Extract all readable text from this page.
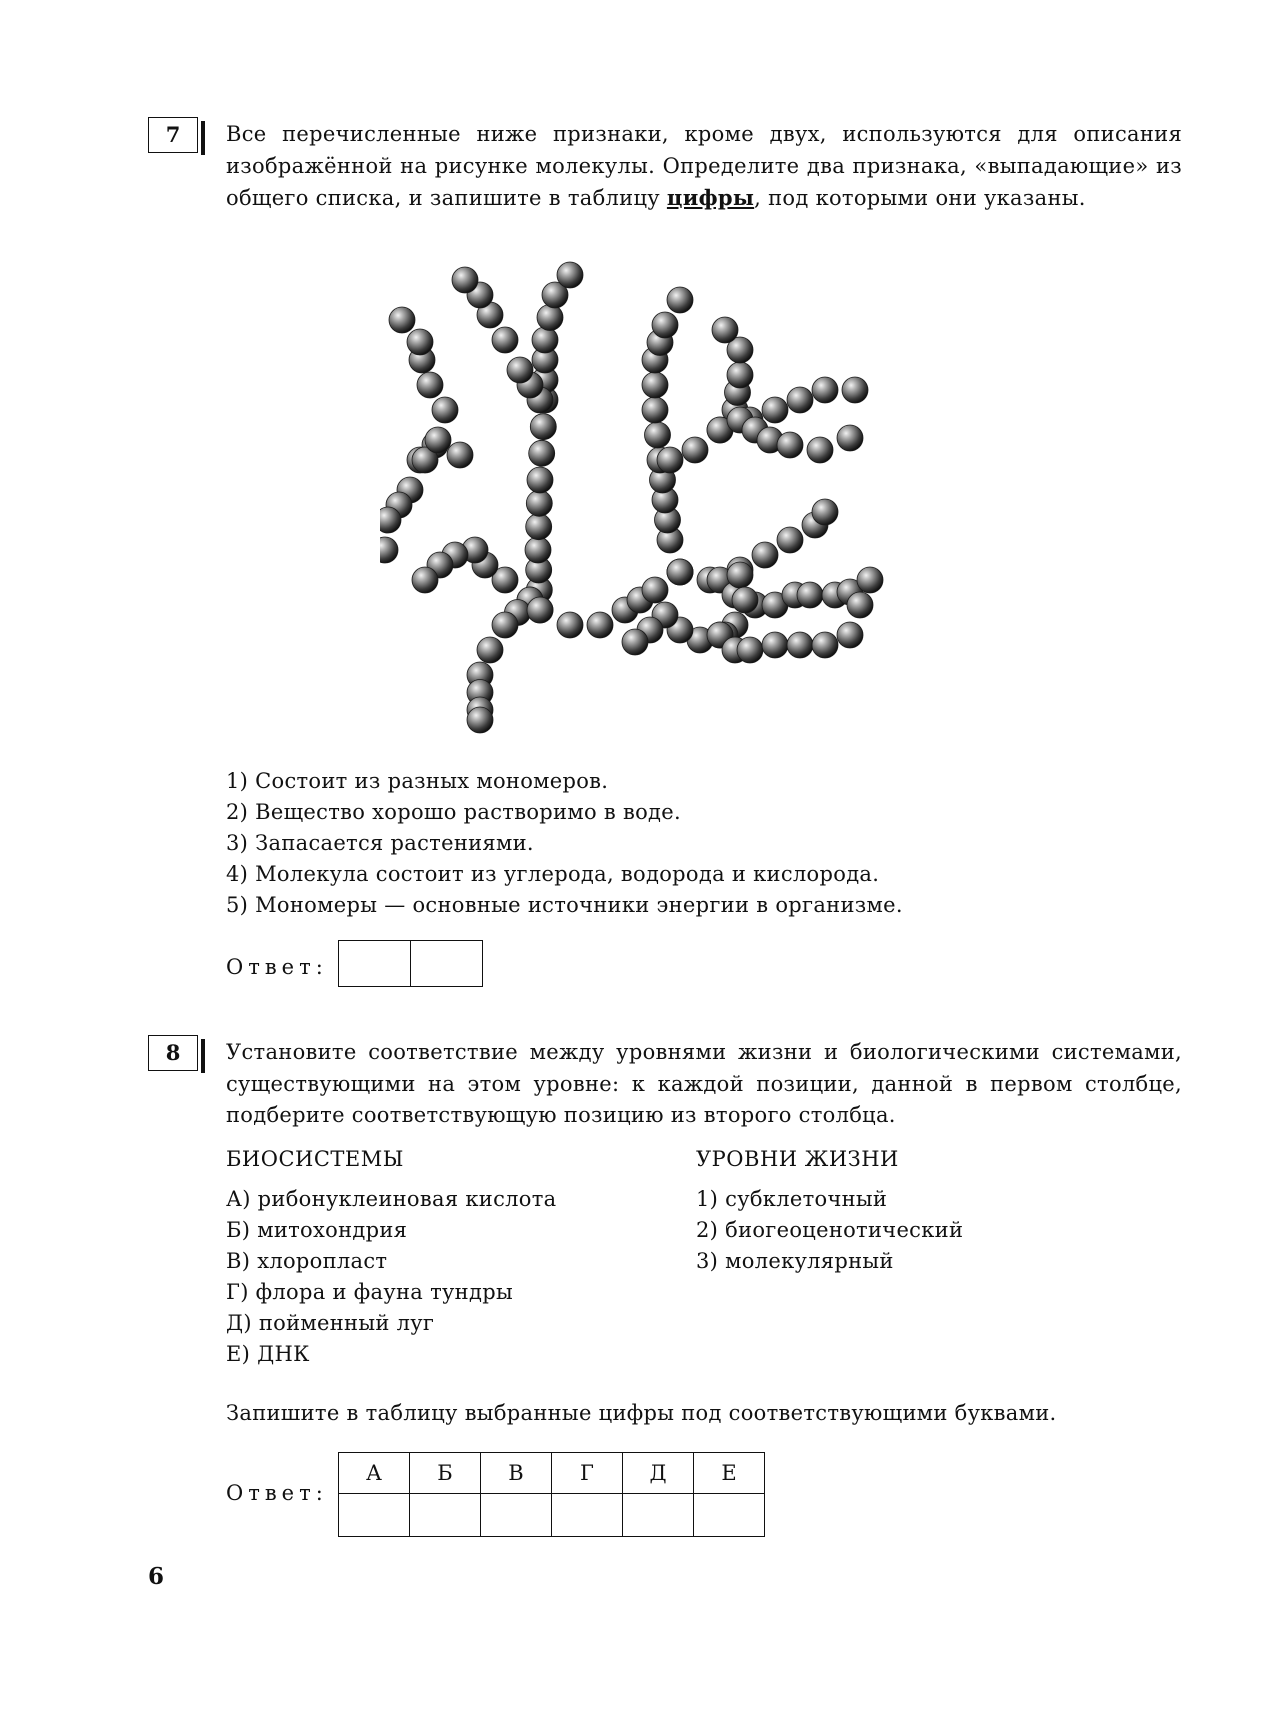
7	Все перечисленные ниже признаки, кроме двух, используются для описания изображённой на рисунке молекулы. Определите два признака, «выпадающие» из общего списка, и запишите в таблицу цифры, под которыми они указаны.
1) Состоит из разных мономеров.
2) Вещество хорошо растворимо в воде.
3) Запасается растениями.
4) Молекула состоит из углерода, водорода и кислорода.
5) Мономеры — основные источники энергии в организме.
Ответ:

8	Установите соответствие между уровнями жизни и биологическими системами, существующими на этом уровне: к каждой позиции, данной в первом столбце, подберите соответствующую позицию из второго столбца.
БИОСИСТЕМЫ	УРОВНИ ЖИЗНИ
А) рибонуклеиновая кислота
Б) митохондрия
В) хлоропласт
Г) флора и фауна тундры
Д) пойменный луг
Е) ДНК
1) субклеточный
2) биогеоценотический
3) молекулярный
Запишите в таблицу выбранные цифры под соответствующими буквами.
Ответ:
А	Б	В	Г	Д	Е

6
